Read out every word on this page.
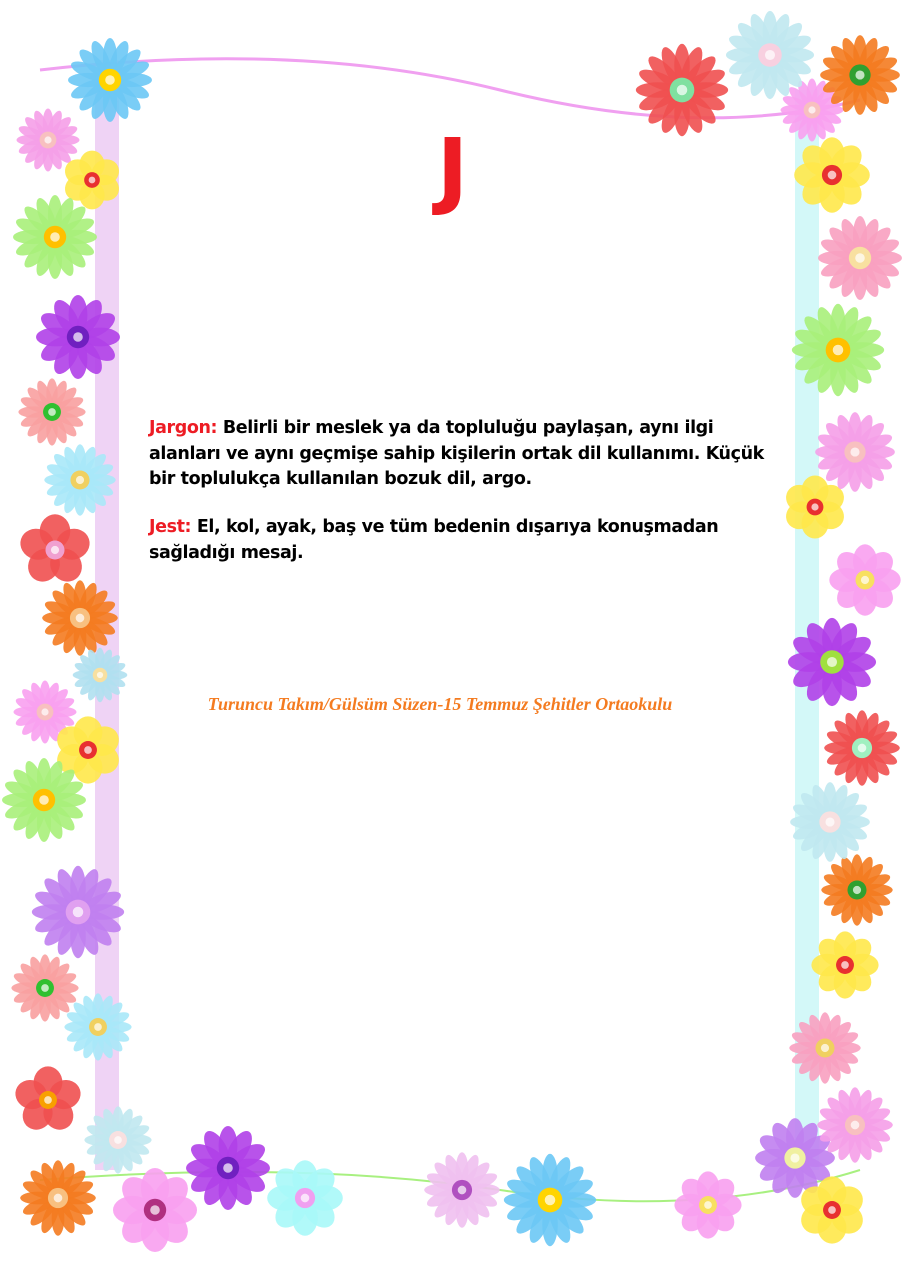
J
Jargon: Belirli bir meslek ya da topluluğu paylaşan, aynı ilgi alanları ve aynı geçmişe sahip kişilerin ortak dil kullanımı. Küçük bir toplulukça kullanılan bozuk dil, argo.
Jest: El, kol, ayak, baş ve tüm bedenin dışarıya konuşmadan sağladığı mesaj.
Turuncu Takım/Gülsüm Süzen-15 Temmuz Şehitler Ortaokulu
